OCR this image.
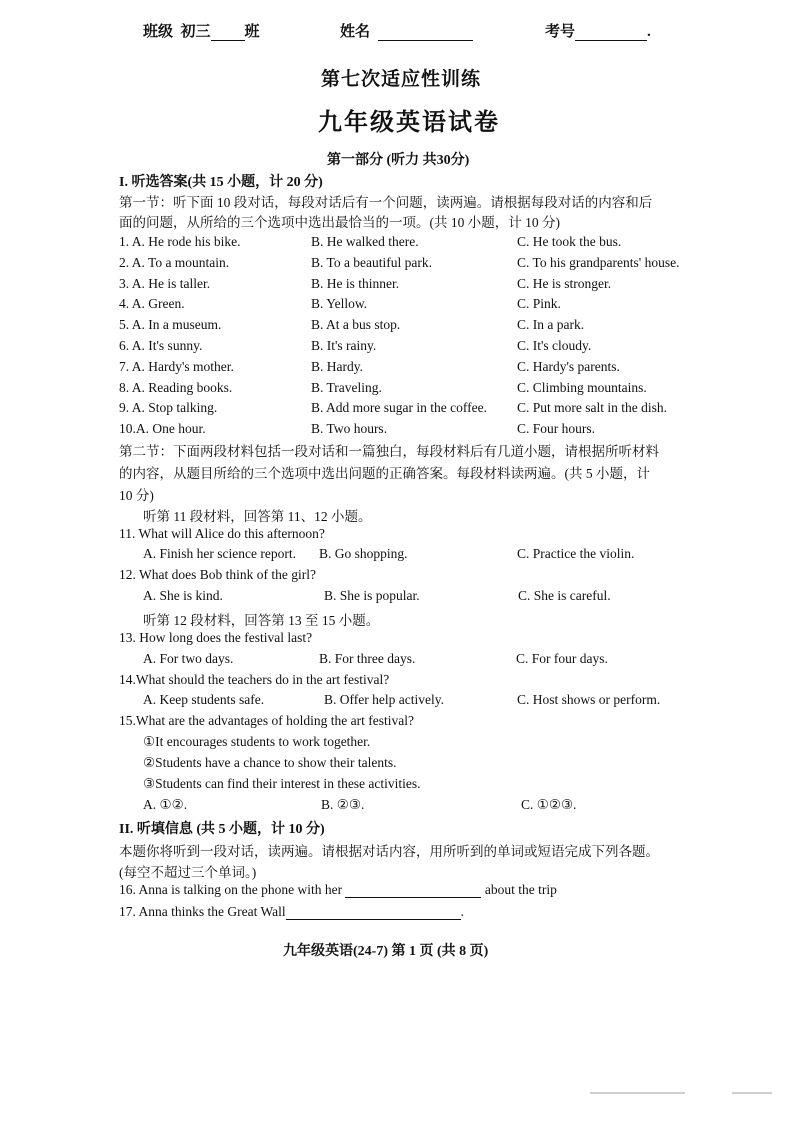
班级 初三 班	姓名	考号	.
第七次适应性训练
九年级英语试卷
第一部分 (听力 共30分)
I. 听选答案(共 15 小题，计 20 分)
第一节：听下面 10 段对话，每段对话后有一个问题，读两遍。请根据每段对话的内容和后
面的问题，从所给的三个选项中选出最恰当的一项。(共 10 小题，计 10 分)
1. A. He rode his bike.	B. He walked there.	C. He took the bus.
2. A. To a mountain.	B. To a beautiful park.	C. To his grandparents' house.
3. A. He is taller.	B. He is thinner.	C. He is stronger.
4. A. Green.	B. Yellow.	C. Pink.
5. A. In a museum.	B. At a bus stop.	C. In a park.
6. A. It's sunny.	B. It's rainy.	C. It's cloudy.
7. A. Hardy's mother.	B. Hardy.	C. Hardy's parents.
8. A. Reading books.	B. Traveling.	C. Climbing mountains.
9. A. Stop talking.	B. Add more sugar in the coffee. C. Put more salt in the dish.
10.A. One hour.	B. Two hours.	C. Four hours.
第二节：下面两段材料包括一段对话和一篇独白，每段材料后有几道小题，请根据所听材料
的内容，从题目所给的三个选项中选出问题的正确答案。每段材料读两遍。(共 5 小题，计
10 分)
听第 11 段材料，回答第 11、12 小题。
11. What will Alice do this afternoon?
A. Finish her science report. B. Go shopping.	C. Practice the violin.
12. What does Bob think of the girl?
A. She is kind.	B. She is popular.	C. She is careful.
听第 12 段材料，回答第 13 至 15 小题。
13. How long does the festival last?
A. For two days.	B. For three days.	C. For four days.
14.What should the teachers do in the art festival?
A. Keep students safe.	B. Offer help actively.	C. Host shows or perform.
15.What are the advantages of holding the art festival?
①It encourages students to work together.
②Students have a chance to show their talents.
③Students can find their interest in these activities.
A. ①②.	B. ②③.	C. ①②③.
II. 听填信息 (共 5 小题，计 10 分)
本题你将听到一段对话，读两遍。请根据对话内容，用所听到的单词或短语完成下列各题。
(每空不超过三个单词。)
16. Anna is talking on the phone with her	about the trip
17. Anna thinks the Great Wall	.
九年级英语(24-7) 第 1 页 (共 8 页)
